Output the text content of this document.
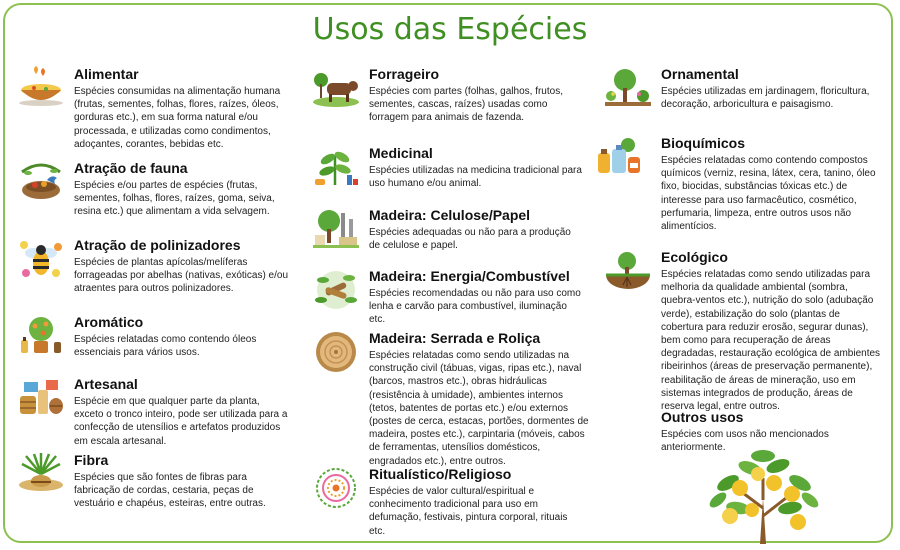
Usos das Espécies
Alimentar
Espécies consumidas na alimentação humana (frutas, sementes, folhas, flores, raízes, óleos, gorduras etc.), em sua forma natural e/ou processada, e utilizadas como condimentos, adoçantes, corantes, bebidas etc.
Atração de fauna
Espécies e/ou partes de espécies (frutas, sementes, folhas, flores, raízes, goma, seiva, resina etc.) que alimentam a vida selvagem.
Atração de polinizadores
Espécies de plantas apícolas/melíferas forrageadas por abelhas (nativas, exóticas) e/ou atraentes para outros polinizadores.
Aromático
Espécies relatadas como contendo óleos essenciais para vários usos.
Artesanal
Espécie em que qualquer parte da planta, exceto o tronco inteiro, pode ser utilizada para a confecção de utensílios e artefatos produzidos em escala artesanal.
Fibra
Espécies que são fontes de fibras para fabricação de cordas, cestaria, peças de vestuário e chapéus, esteiras, entre outras.
Forrageiro
Espécies com partes (folhas, galhos, frutos, sementes, cascas, raízes) usadas como forragem para animais de fazenda.
Medicinal
Espécies utilizadas na medicina tradicional para uso humano e/ou animal.
Madeira: Celulose/Papel
Espécies adequadas ou não para a produção de celulose e papel.
Madeira: Energia/Combustível
Espécies recomendadas ou não para uso como lenha e carvão para combustível, iluminação etc.
Madeira: Serrada e Roliça
Espécies relatadas como sendo utilizadas na construção civil (tábuas, vigas, ripas etc.), naval (barcos, mastros etc.), obras hidráulicas (resistência à umidade), ambientes internos (tetos, batentes de portas etc.) e/ou externos (postes de cerca, estacas, portões, dormentes de madeira, postes etc.), carpintaria (móveis, cabos de ferramentas, utensílios domésticos, engradados etc.), entre outros.
Ritualístico/Religioso
Espécies de valor cultural/espiritual e conhecimento tradicional para uso em defumação, festivais, pintura corporal, rituais etc.
Ornamental
Espécies utilizadas em jardinagem, floricultura, decoração, arboricultura e paisagismo.
Bioquímicos
Espécies relatadas como contendo compostos químicos (verniz, resina, látex, cera, tanino, óleo fixo, biocidas, substâncias tóxicas etc.) de interesse para uso farmacêutico, cosmético, perfumaria, limpeza, entre outros usos não alimentícios.
Ecológico
Espécies relatadas como sendo utilizadas para melhoria da qualidade ambiental (sombra, quebra-ventos etc.), nutrição do solo (adubação verde), estabilização do solo (plantas de cobertura para reduzir erosão, segurar dunas), bem como para recuperação de áreas degradadas, restauração ecológica de ambientes ribeirinhos (áreas de preservação permanente), reabilitação de áreas de mineração, uso em sistemas integrados de produção, áreas de reserva legal, entre outros.
Outros usos
Espécies com usos não mencionados anteriormente.
